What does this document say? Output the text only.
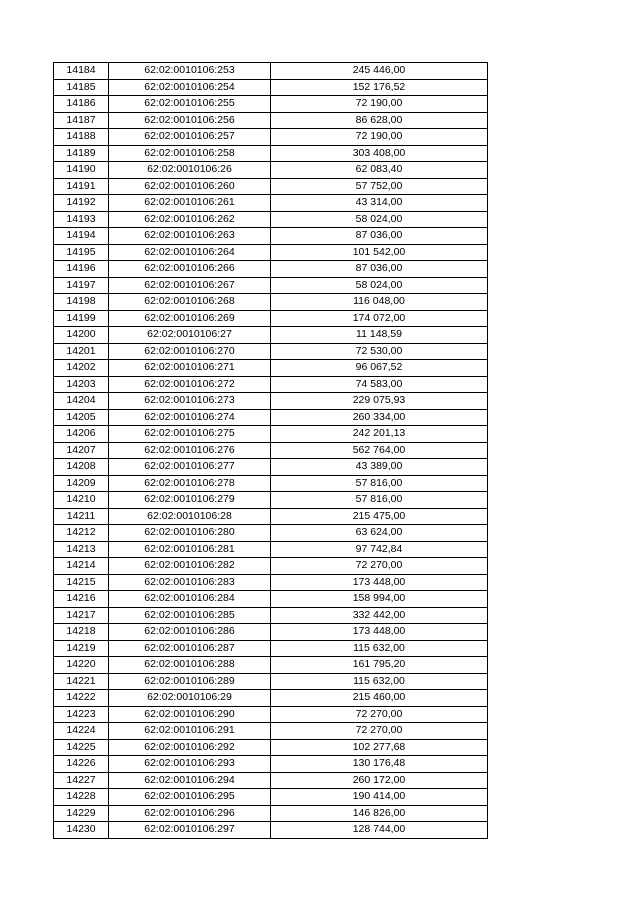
14184	62:02:0010106:253	245 446,00
14185	62:02:0010106:254	152 176,52
14186	62:02:0010106:255	72 190,00
14187	62:02:0010106:256	86 628,00
14188	62:02:0010106:257	72 190,00
14189	62:02:0010106:258	303 408,00
14190	62:02:0010106:26	62 083,40
14191	62:02:0010106:260	57 752,00
14192	62:02:0010106:261	43 314,00
14193	62:02:0010106:262	58 024,00
14194	62:02:0010106:263	87 036,00
14195	62:02:0010106:264	101 542,00
14196	62:02:0010106:266	87 036,00
14197	62:02:0010106:267	58 024,00
14198	62:02:0010106:268	116 048,00
14199	62:02:0010106:269	174 072,00
14200	62:02:0010106:27	11 148,59
14201	62:02:0010106:270	72 530,00
14202	62:02:0010106:271	96 067,52
14203	62:02:0010106:272	74 583,00
14204	62:02:0010106:273	229 075,93
14205	62:02:0010106:274	260 334,00
14206	62:02:0010106:275	242 201,13
14207	62:02:0010106:276	562 764,00
14208	62:02:0010106:277	43 389,00
14209	62:02:0010106:278	57 816,00
14210	62:02:0010106:279	57 816,00
14211	62:02:0010106:28	215 475,00
14212	62:02:0010106:280	63 624,00
14213	62:02:0010106:281	97 742,84
14214	62:02:0010106:282	72 270,00
14215	62:02:0010106:283	173 448,00
14216	62:02:0010106:284	158 994,00
14217	62:02:0010106:285	332 442,00
14218	62:02:0010106:286	173 448,00
14219	62:02:0010106:287	115 632,00
14220	62:02:0010106:288	161 795,20
14221	62:02:0010106:289	115 632,00
14222	62:02:0010106:29	215 460,00
14223	62:02:0010106:290	72 270,00
14224	62:02:0010106:291	72 270,00
14225	62:02:0010106:292	102 277,68
14226	62:02:0010106:293	130 176,48
14227	62:02:0010106:294	260 172,00
14228	62:02:0010106:295	190 414,00
14229	62:02:0010106:296	146 826,00
14230	62:02:0010106:297	128 744,00
